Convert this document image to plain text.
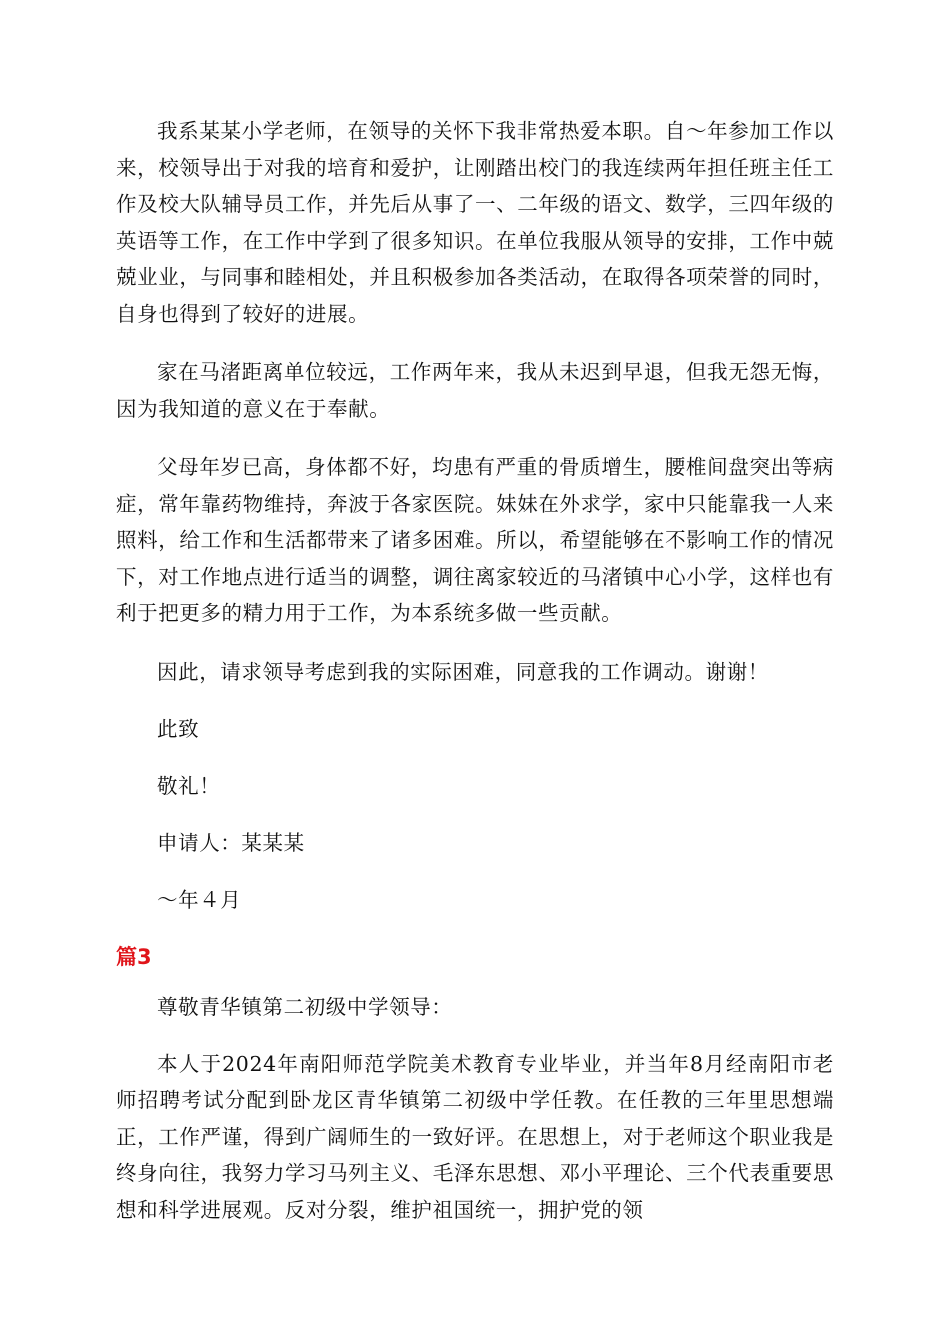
我系某某小学老师，在领导的关怀下我非常热爱本职。自～年参加工作以来，校领导出于对我的培育和爱护，让刚踏出校门的我连续两年担任班主任工作及校大队辅导员工作，并先后从事了一、二年级的语文、数学，三四年级的英语等工作，在工作中学到了很多知识。在单位我服从领导的安排，工作中兢兢业业，与同事和睦相处，并且积极参加各类活动，在取得各项荣誉的同时，自身也得到了较好的进展。

家在马渚距离单位较远，工作两年来，我从未迟到早退，但我无怨无悔，因为我知道的意义在于奉献。

父母年岁已高，身体都不好，均患有严重的骨质增生，腰椎间盘突出等病症，常年靠药物维持，奔波于各家医院。妹妹在外求学，家中只能靠我一人来照料，给工作和生活都带来了诸多困难。所以，希望能够在不影响工作的情况下，对工作地点进行适当的调整，调往离家较近的马渚镇中心小学，这样也有利于把更多的精力用于工作，为本系统多做一些贡献。

因此，请求领导考虑到我的实际困难，同意我的工作调动。谢谢！

此致

敬礼！

申请人：某某某

～年４月

篇3

尊敬青华镇第二初级中学领导：

本人于2024年南阳师范学院美术教育专业毕业，并当年8月经南阳市老师招聘考试分配到卧龙区青华镇第二初级中学任教。在任教的三年里思想端正，工作严谨，得到广阔师生的一致好评。在思想上，对于老师这个职业我是终身向往，我努力学习马列主义、毛泽东思想、邓小平理论、三个代表重要思想和科学进展观。反对分裂，维护祖国统一，拥护党的领
